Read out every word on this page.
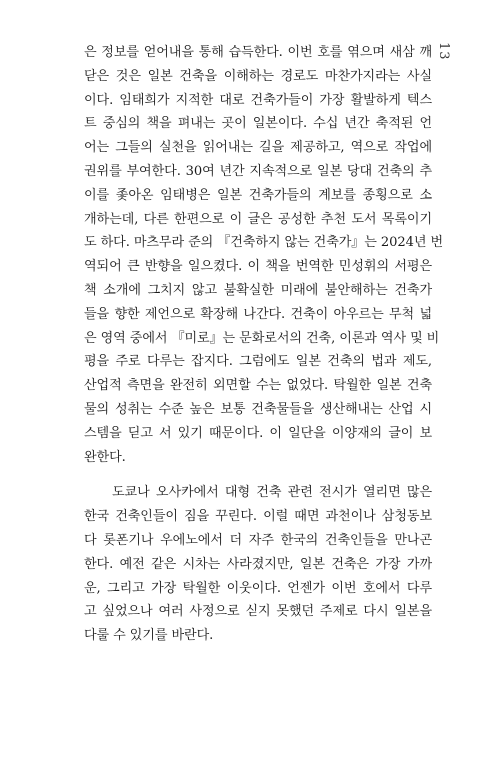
13
은 정보를 얻어내을 통해 습득한다. 이번 호를 엮으며 새삼 깨
닫은 것은 일본 건축을 이해하는 경로도 마찬가지라는 사실
이다. 임태희가 지적한 대로 건축가들이 가장 활발하게 텍스
트 중심의 책을 펴내는 곳이 일본이다. 수십 년간 축적된 언
어는 그들의 실천을 읽어내는 길을 제공하고, 역으로 작업에
권위를 부여한다. 30여 년간 지속적으로 일본 당대 건축의 추
이를 좇아온 임태병은 일본 건축가들의 계보를 종횡으로 소
개하는데, 다른 한편으로 이 글은 공성한 추천 도서 목록이기
도 하다. 마츠무라 준의 『건축하지 않는 건축가』는 2024년 번
역되어 큰 반향을 일으켰다. 이 책을 번역한 민성휘의 서평은
책 소개에 그치지 않고 불확실한 미래에 불안해하는 건축가
들을 향한 제언으로 확장해 나간다. 건축이 아우르는 무척 넓
은 영역 중에서 『미로』는 문화로서의 건축, 이론과 역사 및 비
평을 주로 다루는 잡지다. 그럼에도 일본 건축의 법과 제도,
산업적 측면을 완전히 외면할 수는 없었다. 탁월한 일본 건축
물의 성취는 수준 높은 보통 건축물들을 생산해내는 산업 시
스템을 딛고 서 있기 때문이다. 이 일단을 이양재의 글이 보
완한다.
도쿄나 오사카에서 대형 건축 관련 전시가 열리면 많은
한국 건축인들이 짐을 꾸린다. 이럴 때면 과천이나 삼청동보
다 롯폰기나 우에노에서 더 자주 한국의 건축인들을 만나곤
한다. 예전 같은 시차는 사라졌지만, 일본 건축은 가장 가까
운, 그리고 가장 탁월한 이웃이다. 언젠가 이번 호에서 다루
고 싶었으나 여러 사정으로 싣지 못했던 주제로 다시 일본을
다룰 수 있기를 바란다.
